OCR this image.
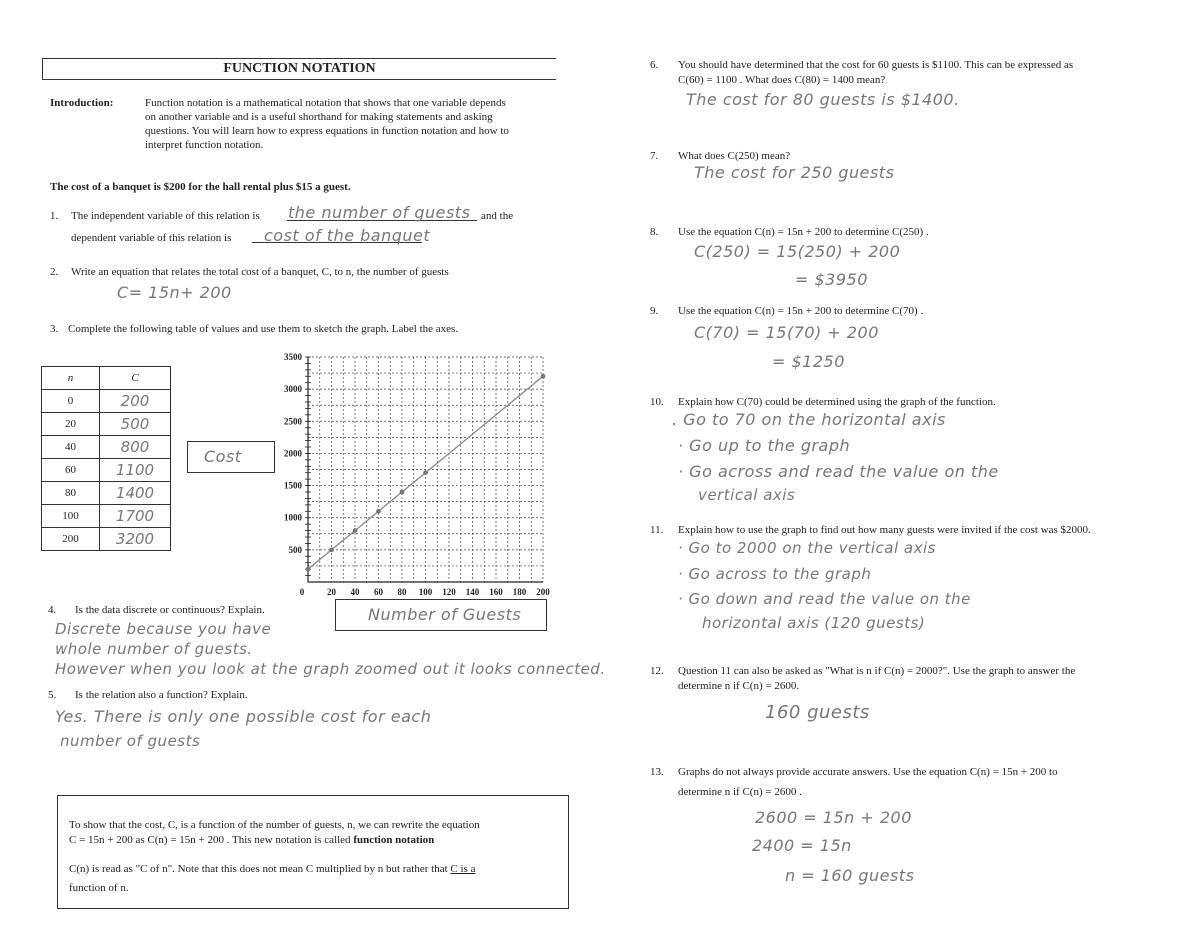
FUNCTION NOTATION
Introduction:	Function notation is a mathematical notation that shows that one variable depends
on another variable and is a useful shorthand for making statements and asking
questions. You will learn how to express equations in function notation and how to
interpret function notation.
The cost of a banquet is $200 for the hall rental plus $15 a guest.
1. The independent variable of this relation is the number of guests and the
dependent variable of this relation is cost of the banquet
2. Write an equation that relates the total cost of a banquet, C, to n, the number of guests
C= 15n+ 200
3. Complete the following table of values and use them to sketch the graph. Label the axes.
n	C
0	200
20	500
40	800
60	1100
80	1400
100	1700
200	3200
Cost
500
1000
1500
2000
2500
3000
3500
0	20 40 60 80 100 120 140 160 180 200
Number of Guests
4. Is the data discrete or continuous? Explain.
Discrete because you have
whole number of guests.
However when you look at the graph zoomed out it looks connected.
5. Is the relation also a function? Explain.
Yes. There is only one possible cost for each
number of guests
To show that the cost, C, is a function of the number of guests, n, we can rewrite the equation
C = 15n + 200 as C(n) = 15n + 200 . This new notation is called function notation
C(n) is read as "C of n". Note that this does not mean C multiplied by n but rather that C is a
function of n.
6. You should have determined that the cost for 60 guests is $1100. This can be expressed as
C(60) = 1100 . What does C(80) = 1400 mean?
The cost for 80 guests is $1400.
7. What does C(250) mean?
The cost for 250 guests
8. Use the equation C(n) = 15n + 200 to determine C(250) .
C(250) = 15(250) + 200
= $3950
9. Use the equation C(n) = 15n + 200 to determine C(70) .
C(70) = 15(70) + 200
= $1250
10. Explain how C(70) could be determined using the graph of the function.
. Go to 70 on the horizontal axis
· Go up to the graph
· Go across and read the value on the
vertical axis
11. Explain how to use the graph to find out how many guests were invited if the cost was $2000.
· Go to 2000 on the vertical axis
· Go across to the graph
· Go down and read the value on the
horizontal axis (120 guests)
12. Question 11 can also be asked as "What is n if C(n) = 2000?". Use the graph to answer the
determine n if C(n) = 2600.
160 guests
13. Graphs do not always provide accurate answers. Use the equation C(n) = 15n + 200 to
determine n if C(n) = 2600 .
2600 = 15n + 200
2400 = 15n
n = 160 guests
